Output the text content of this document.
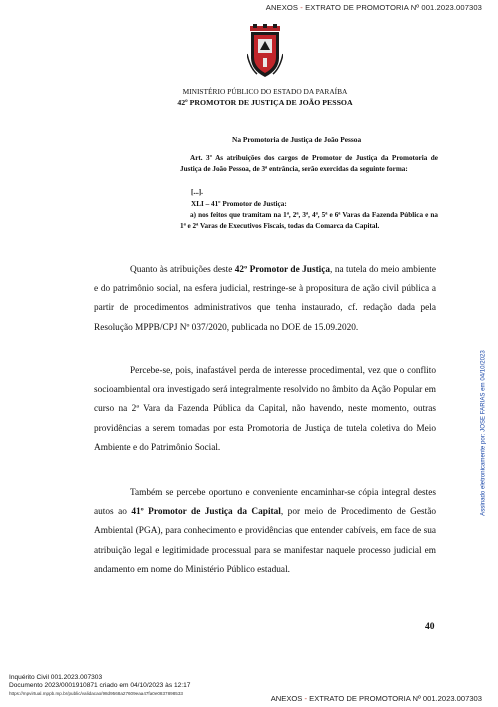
ANEXOS - EXTRATO DE PROMOTORIA Nº 001.2023.007303
MINISTÉRIO PÚBLICO DO ESTADO DA PARAÍBA
42º PROMOTOR DE JUSTIÇA DE JOÃO PESSOA
Na Promotoria de Justiça de João Pessoa
Art. 3º As atribuições dos cargos de Promotor de Justiça da Promotoria de Justiça de João Pessoa, de 3ª entrância, serão exercidas da seguinte forma:
[...].
XLI – 41º Promotor de Justiça:
a) nos feitos que tramitam na 1ª, 2ª, 3ª, 4ª, 5ª e 6ª Varas da Fazenda Pública e na 1ª e 2ª Varas de Executivos Fiscais, todas da Comarca da Capital.
Quanto às atribuições deste 42º Promotor de Justiça, na tutela do meio ambiente e do patrimônio social, na esfera judicial, restringe-se à propositura de ação civil pública a partir de procedimentos administrativos que tenha instaurado, cf. redação dada pela Resolução MPPB/CPJ Nº 037/2020, publicada no DOE de 15.09.2020.
Percebe-se, pois, inafastável perda de interesse procedimental, vez que o conflito socioambiental ora investigado será integralmente resolvido no âmbito da Ação Popular em curso na 2ª Vara da Fazenda Pública da Capital, não havendo, neste momento, outras providências a serem tomadas por esta Promotoria de Justiça de tutela coletiva do Meio Ambiente e do Patrimônio Social.
Também se percebe oportuno e conveniente encaminhar-se cópia integral destes autos ao 41º Promotor de Justiça da Capital, por meio de Procedimento de Gestão Ambiental (PGA), para conhecimento e providências que entender cabíveis, em face de sua atribuição legal e legitimidade processual para se manifestar naquele processo judicial em andamento em nome do Ministério Público estadual.
Assinado eletronicamente por: JOSE FARIAS em 04/10/2023
40
Inquérito Civil 001.2023.007303
Documento 2023/0001910871 criado em 04/10/2023 às 12:17
https://mpvirtual.mppb.mp.br/public/validacao/98d9568a27609eaa47fa0e0837898533
ANEXOS - EXTRATO DE PROMOTORIA Nº 001.2023.007303
